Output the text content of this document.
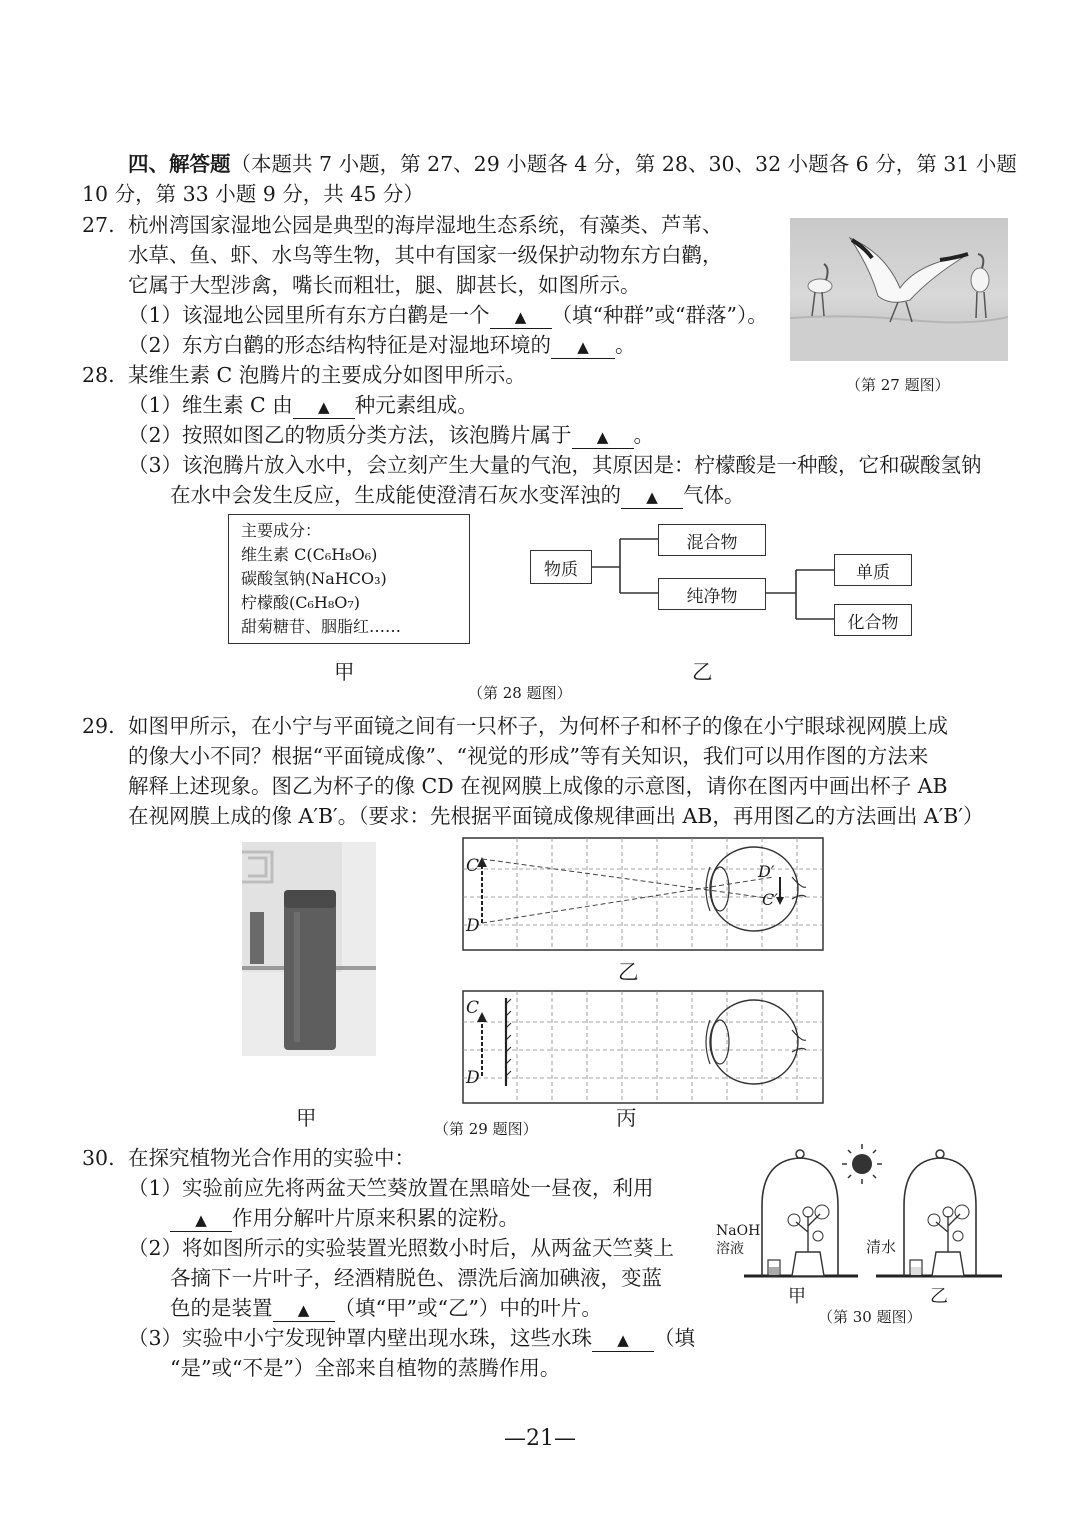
四、解答题（本题共 7 小题，第 27、29 小题各 4 分，第 28、30、32 小题各 6 分，第 31 小题
10 分，第 33 小题 9 分，共 45 分）
27. 杭州湾国家湿地公园是典型的海岸湿地生态系统，有藻类、芦苇、
水草、鱼、虾、水鸟等生物，其中有国家一级保护动物东方白鹳，
它属于大型涉禽，嘴长而粗壮，腿、脚甚长，如图所示。
（1）该湿地公园里所有东方白鹳是一个 ▲ （填“种群”或“群落”）。
（2）东方白鹳的形态结构特征是对湿地环境的 ▲ 。
（第 27 题图）
28. 某维生素 C 泡腾片的主要成分如图甲所示。
（1）维生素 C 由 ▲ 种元素组成。
（2）按照如图乙的物质分类方法，该泡腾片属于 ▲ 。
（3）该泡腾片放入水中，会立刻产生大量的气泡，其原因是：柠檬酸是一种酸，它和碳酸氢钠
在水中会发生反应，生成能使澄清石灰水变浑浊的 ▲ 气体。
主要成分：
维生素 C(C₆H₈O₆)
碳酸氢钠(NaHCO₃)
柠檬酸(C₆H₈O₇)
甜菊糖苷、胭脂红……
甲
物质
混合物
纯净物
单质
化合物
乙
（第 28 题图）
29. 如图甲所示，在小宁与平面镜之间有一只杯子，为何杯子和杯子的像在小宁眼球视网膜上成
的像大小不同？根据“平面镜成像”、“视觉的形成”等有关知识，我们可以用作图的方法来
解释上述现象。图乙为杯子的像 CD 在视网膜上成像的示意图，请你在图丙中画出杯子 AB
在视网膜上成的像 A′B′。（要求：先根据平面镜成像规律画出 AB，再用图乙的方法画出 A′B′）
甲
C
D
D′
C′
乙
C
D
丙
（第 29 题图）
30. 在探究植物光合作用的实验中：
（1）实验前应先将两盆天竺葵放置在黑暗处一昼夜，利用
▲ 作用分解叶片原来积累的淀粉。
（2）将如图所示的实验装置光照数小时后，从两盆天竺葵上
各摘下一片叶子，经酒精脱色、漂洗后滴加碘液，变蓝
色的是装置 ▲ （填“甲”或“乙”）中的叶片。
（3）实验中小宁发现钟罩内壁出现水珠，这些水珠 ▲ （填
“是”或“不是”）全部来自植物的蒸腾作用。
NaOH
溶液	清水
甲	乙
（第 30 题图）
—21—
